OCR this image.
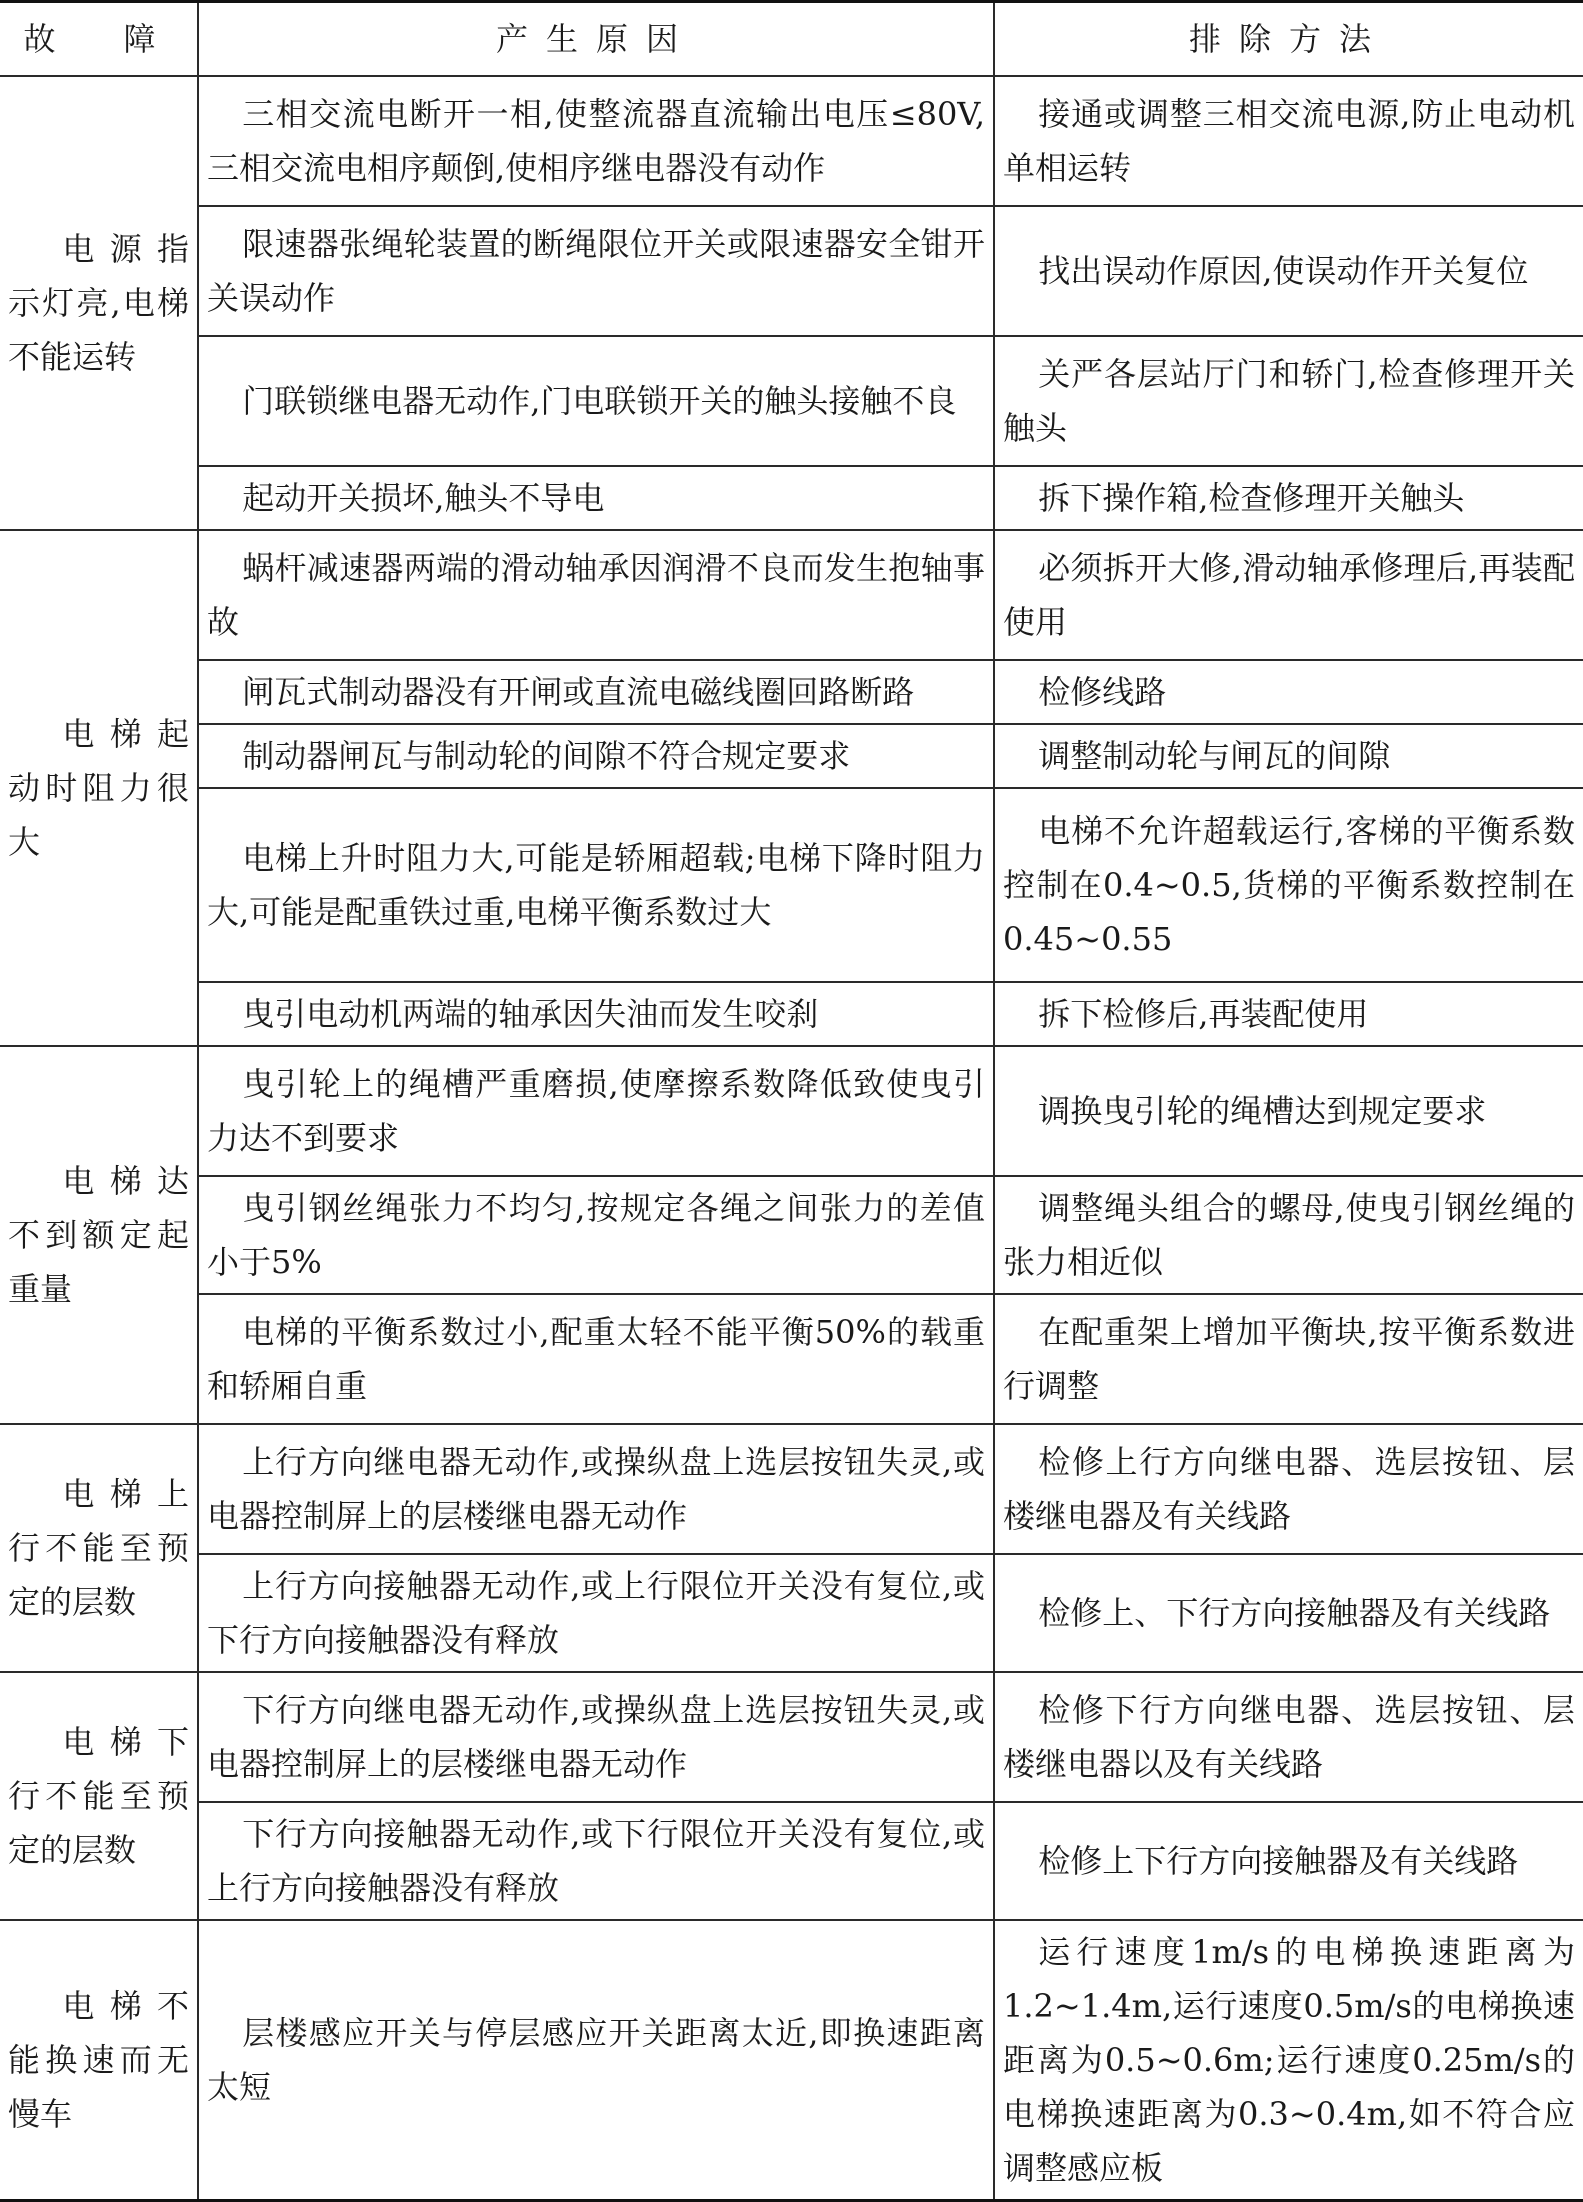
故　障	产生原因	排除方法
电源指示灯亮,电梯不能运转	三相交流电断开一相,使整流器直流输出电压≤80V,三相交流电相序颠倒,使相序继电器没有动作	接通或调整三相交流电源,防止电动机单相运转
	限速器张绳轮装置的断绳限位开关或限速器安全钳开关误动作	找出误动作原因,使误动作开关复位
	门联锁继电器无动作,门电联锁开关的触头接触不良	关严各层站厅门和轿门,检查修理开关触头
	起动开关损坏,触头不导电	拆下操作箱,检查修理开关触头
电梯起动时阻力很大	蜗杆减速器两端的滑动轴承因润滑不良而发生抱轴事故	必须拆开大修,滑动轴承修理后,再装配使用
	闸瓦式制动器没有开闸或直流电磁线圈回路断路	检修线路
	制动器闸瓦与制动轮的间隙不符合规定要求	调整制动轮与闸瓦的间隙
	电梯上升时阻力大,可能是轿厢超载;电梯下降时阻力大,可能是配重铁过重,电梯平衡系数过大	电梯不允许超载运行,客梯的平衡系数控制在0.4~0.5,货梯的平衡系数控制在0.45~0.55
	曳引电动机两端的轴承因失油而发生咬刹	拆下检修后,再装配使用
电梯达不到额定起重量	曳引轮上的绳槽严重磨损,使摩擦系数降低致使曳引力达不到要求	调换曳引轮的绳槽达到规定要求
	曳引钢丝绳张力不均匀,按规定各绳之间张力的差值小于5%	调整绳头组合的螺母,使曳引钢丝绳的张力相近似
	电梯的平衡系数过小,配重太轻不能平衡50%的载重和轿厢自重	在配重架上增加平衡块,按平衡系数进行调整
电梯上行不能至预定的层数	上行方向继电器无动作,或操纵盘上选层按钮失灵,或电器控制屏上的层楼继电器无动作	检修上行方向继电器、选层按钮、层楼继电器及有关线路
	上行方向接触器无动作,或上行限位开关没有复位,或下行方向接触器没有释放	检修上、下行方向接触器及有关线路
电梯下行不能至预定的层数	下行方向继电器无动作,或操纵盘上选层按钮失灵,或电器控制屏上的层楼继电器无动作	检修下行方向继电器、选层按钮、层楼继电器以及有关线路
	下行方向接触器无动作,或下行限位开关没有复位,或上行方向接触器没有释放	检修上下行方向接触器及有关线路
电梯不能换速而无慢车	层楼感应开关与停层感应开关距离太近,即换速距离太短	运行速度1m/s的电梯换速距离为1.2~1.4m,运行速度0.5m/s的电梯换速距离为0.5~0.6m;运行速度0.25m/s的电梯换速距离为0.3~0.4m,如不符合应调整感应板
